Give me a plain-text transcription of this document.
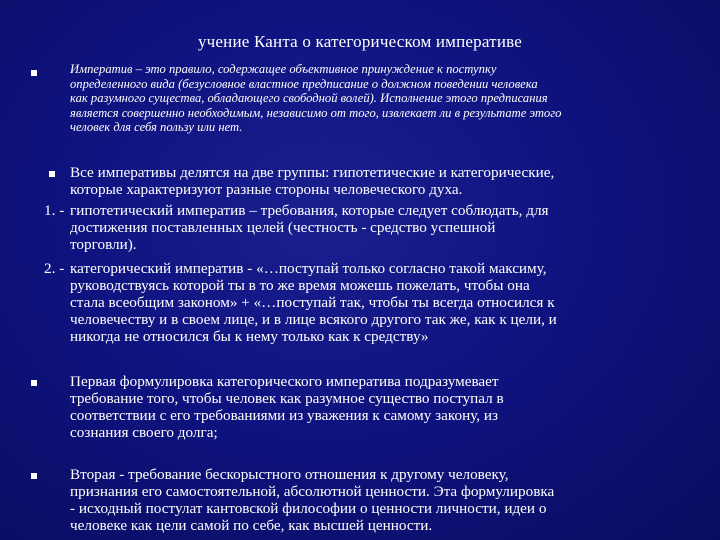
учение Канта о категорическом императиве
Императив – это правило, содержащее объективное принуждение к поступку
определенного вида (безусловное властное предписание о должном поведении человека
как разумного существа, обладающего свободной волей). Исполнение этого предписания
является совершенно необходимым, независимо от того, извлекает ли в результате этого
человек для себя пользу или нет.
Все императивы делятся на две группы: гипотетические и категорические,
которые характеризуют разные стороны человеческого духа.
1. - гипотетический императив – требования, которые следует соблюдать, для
достижения поставленных целей (честность - средство успешной
торговли).
2. - категорический императив - «…поступай только согласно такой максиму,
руководствуясь которой ты в то же время можешь пожелать, чтобы она
стала всеобщим законом» + «…поступай так, чтобы ты всегда относился к
человечеству и в своем лице, и в лице всякого другого так же, как к цели, и
никогда не относился бы к нему только как к средству»
Первая формулировка категорического императива подразумевает
требование того, чтобы человек как разумное существо поступал в
соответствии с его требованиями из уважения к самому закону, из
сознания своего долга;
Вторая - требование бескорыстного отношения к другому человеку,
признания его самостоятельной, абсолютной ценности. Эта формулировка
- исходный постулат кантовской философии о ценности личности, идеи о
человеке как цели самой по себе, как высшей ценности.
